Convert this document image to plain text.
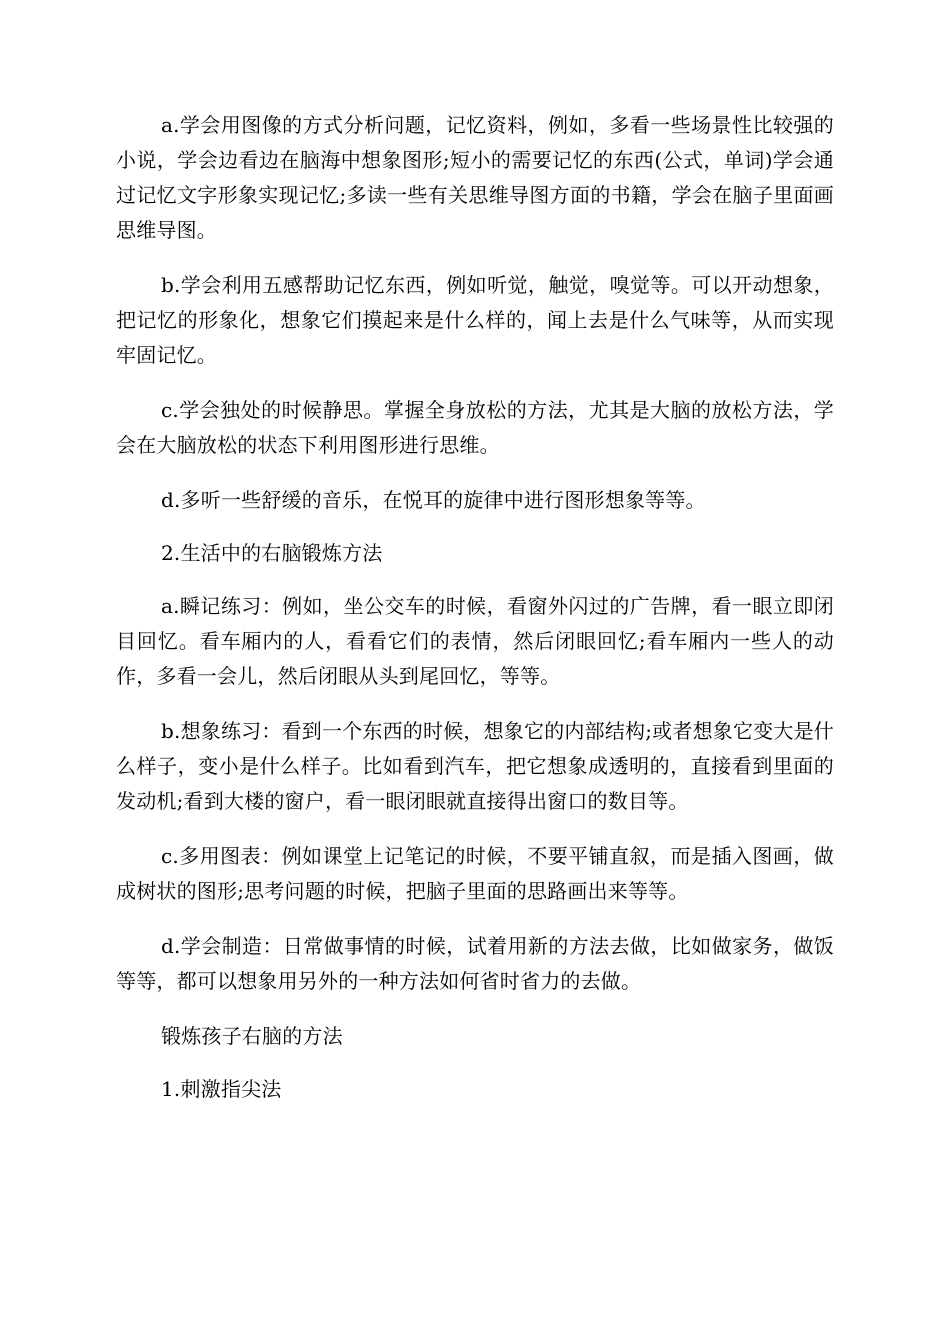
a.学会用图像的方式分析问题，记忆资料，例如，多看一些场景性比较强的小说，学会边看边在脑海中想象图形;短小的需要记忆的东西(公式，单词)学会通过记忆文字形象实现记忆;多读一些有关思维导图方面的书籍，学会在脑子里面画思维导图。

b.学会利用五感帮助记忆东西，例如听觉，触觉，嗅觉等。可以开动想象，把记忆的形象化，想象它们摸起来是什么样的，闻上去是什么气味等，从而实现牢固记忆。

c.学会独处的时候静思。掌握全身放松的方法，尤其是大脑的放松方法，学会在大脑放松的状态下利用图形进行思维。

d.多听一些舒缓的音乐，在悦耳的旋律中进行图形想象等等。

2.生活中的右脑锻炼方法

a.瞬记练习：例如，坐公交车的时候，看窗外闪过的广告牌，看一眼立即闭目回忆。看车厢内的人，看看它们的表情，然后闭眼回忆;看车厢内一些人的动作，多看一会儿，然后闭眼从头到尾回忆，等等。

b.想象练习：看到一个东西的时候，想象它的内部结构;或者想象它变大是什么样子，变小是什么样子。比如看到汽车，把它想象成透明的，直接看到里面的发动机;看到大楼的窗户，看一眼闭眼就直接得出窗口的数目等。

c.多用图表：例如课堂上记笔记的时候，不要平铺直叙，而是插入图画，做成树状的图形;思考问题的时候，把脑子里面的思路画出来等等。

d.学会制造：日常做事情的时候，试着用新的方法去做，比如做家务，做饭等等，都可以想象用另外的一种方法如何省时省力的去做。

锻炼孩子右脑的方法

1.刺激指尖法
